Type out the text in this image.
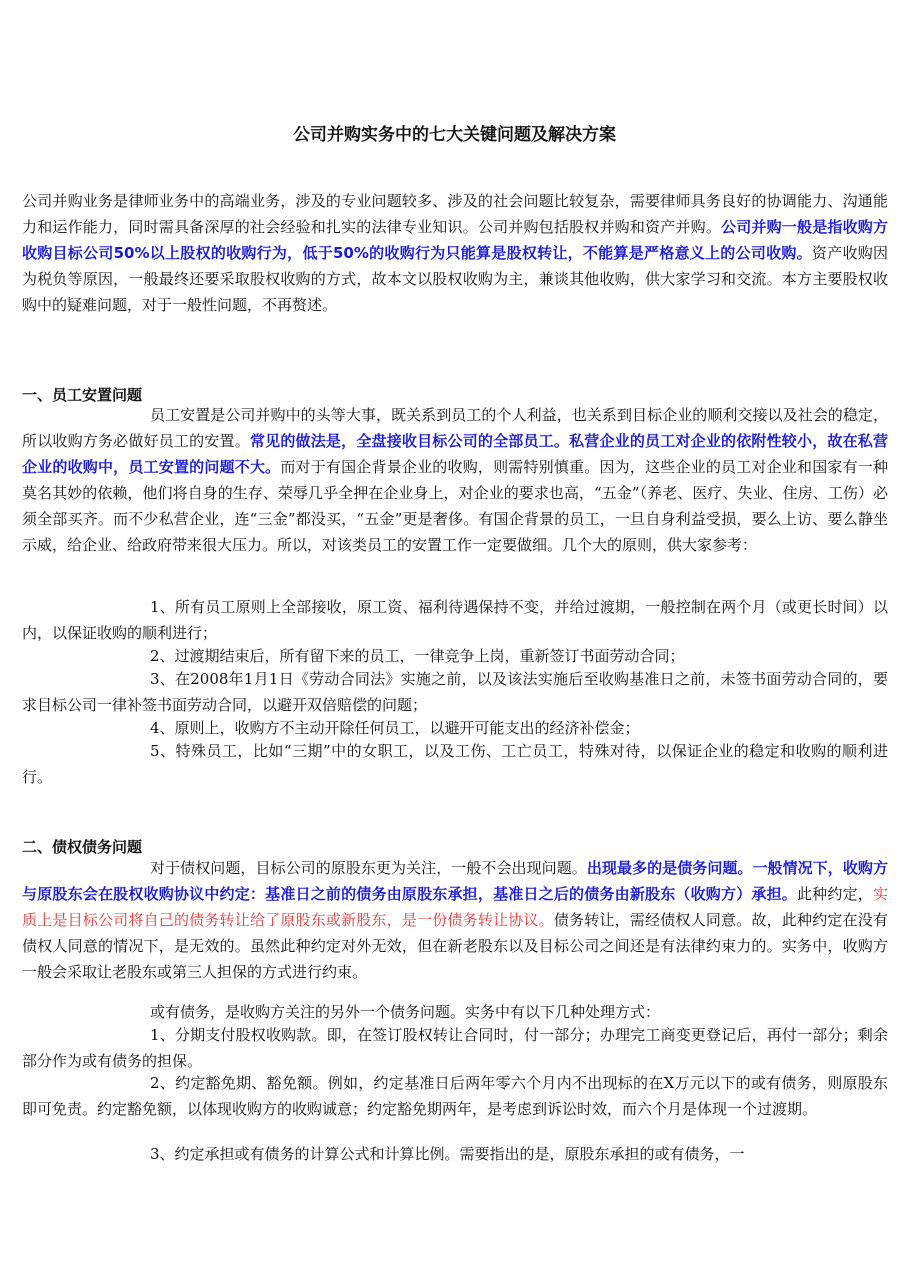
公司并购实务中的七大关键问题及解决方案

公司并购业务是律师业务中的高端业务，涉及的专业问题较多、涉及的社会问题比较复杂，需要律师具务良好的协调能力、沟通能力和运作能力，同时需具备深厚的社会经验和扎实的法律专业知识。公司并购包括股权并购和资产并购。公司并购一般是指收购方收购目标公司50%以上股权的收购行为，低于50%的收购行为只能算是股权转让，不能算是严格意义上的公司收购。资产收购因为税负等原因，一般最终还要采取股权收购的方式，故本文以股权收购为主，兼谈其他收购，供大家学习和交流。本方主要股权收购中的疑难问题，对于一般性问题，不再赘述。

一、员工安置问题

员工安置是公司并购中的头等大事，既关系到员工的个人利益，也关系到目标企业的顺利交接以及社会的稳定，所以收购方务必做好员工的安置。常见的做法是，全盘接收目标公司的全部员工。私营企业的员工对企业的依附性较小，故在私营企业的收购中，员工安置的问题不大。而对于有国企背景企业的收购，则需特别慎重。因为，这些企业的员工对企业和国家有一种莫名其妙的依赖，他们将自身的生存、荣辱几乎全押在企业身上，对企业的要求也高，“五金”（养老、医疗、失业、住房、工伤）必须全部买齐。而不少私营企业，连“三金”都没买，“五金”更是奢侈。有国企背景的员工，一旦自身利益受损，要么上访、要么静坐示威，给企业、给政府带来很大压力。所以，对该类员工的安置工作一定要做细。几个大的原则，供大家参考：

1、所有员工原则上全部接收，原工资、福利待遇保持不变，并给过渡期，一般控制在两个月（或更长时间）以内，以保证收购的顺利进行；

2、过渡期结束后，所有留下来的员工，一律竞争上岗，重新签订书面劳动合同；

3、在2008年1月1日《劳动合同法》实施之前，以及该法实施后至收购基准日之前，未签书面劳动合同的，要求目标公司一律补签书面劳动合同，以避开双倍赔偿的问题；

4、原则上，收购方不主动开除任何员工，以避开可能支出的经济补偿金；

5、特殊员工，比如“三期”中的女职工，以及工伤、工亡员工，特殊对待，以保证企业的稳定和收购的顺利进行。

二、债权债务问题

对于债权问题，目标公司的原股东更为关注，一般不会出现问题。出现最多的是债务问题。一般情况下，收购方与原股东会在股权收购协议中约定：基准日之前的债务由原股东承担，基准日之后的债务由新股东（收购方）承担。此种约定，实质上是目标公司将自己的债务转让给了原股东或新股东，是一份债务转让协议。债务转让，需经债权人同意。故，此种约定在没有债权人同意的情况下，是无效的。虽然此种约定对外无效，但在新老股东以及目标公司之间还是有法律约束力的。实务中，收购方一般会采取让老股东或第三人担保的方式进行约束。

或有债务，是收购方关注的另外一个债务问题。实务中有以下几种处理方式：

1、分期支付股权收购款。即，在签订股权转让合同时，付一部分；办理完工商变更登记后，再付一部分；剩余部分作为或有债务的担保。

2、约定豁免期、豁免额。例如，约定基准日后两年零六个月内不出现标的在X万元以下的或有债务，则原股东即可免责。约定豁免额，以体现收购方的收购诚意；约定豁免期两年，是考虑到诉讼时效，而六个月是体现一个过渡期。

3、约定承担或有债务的计算公式和计算比例。需要指出的是，原股东承担的或有债务，一
